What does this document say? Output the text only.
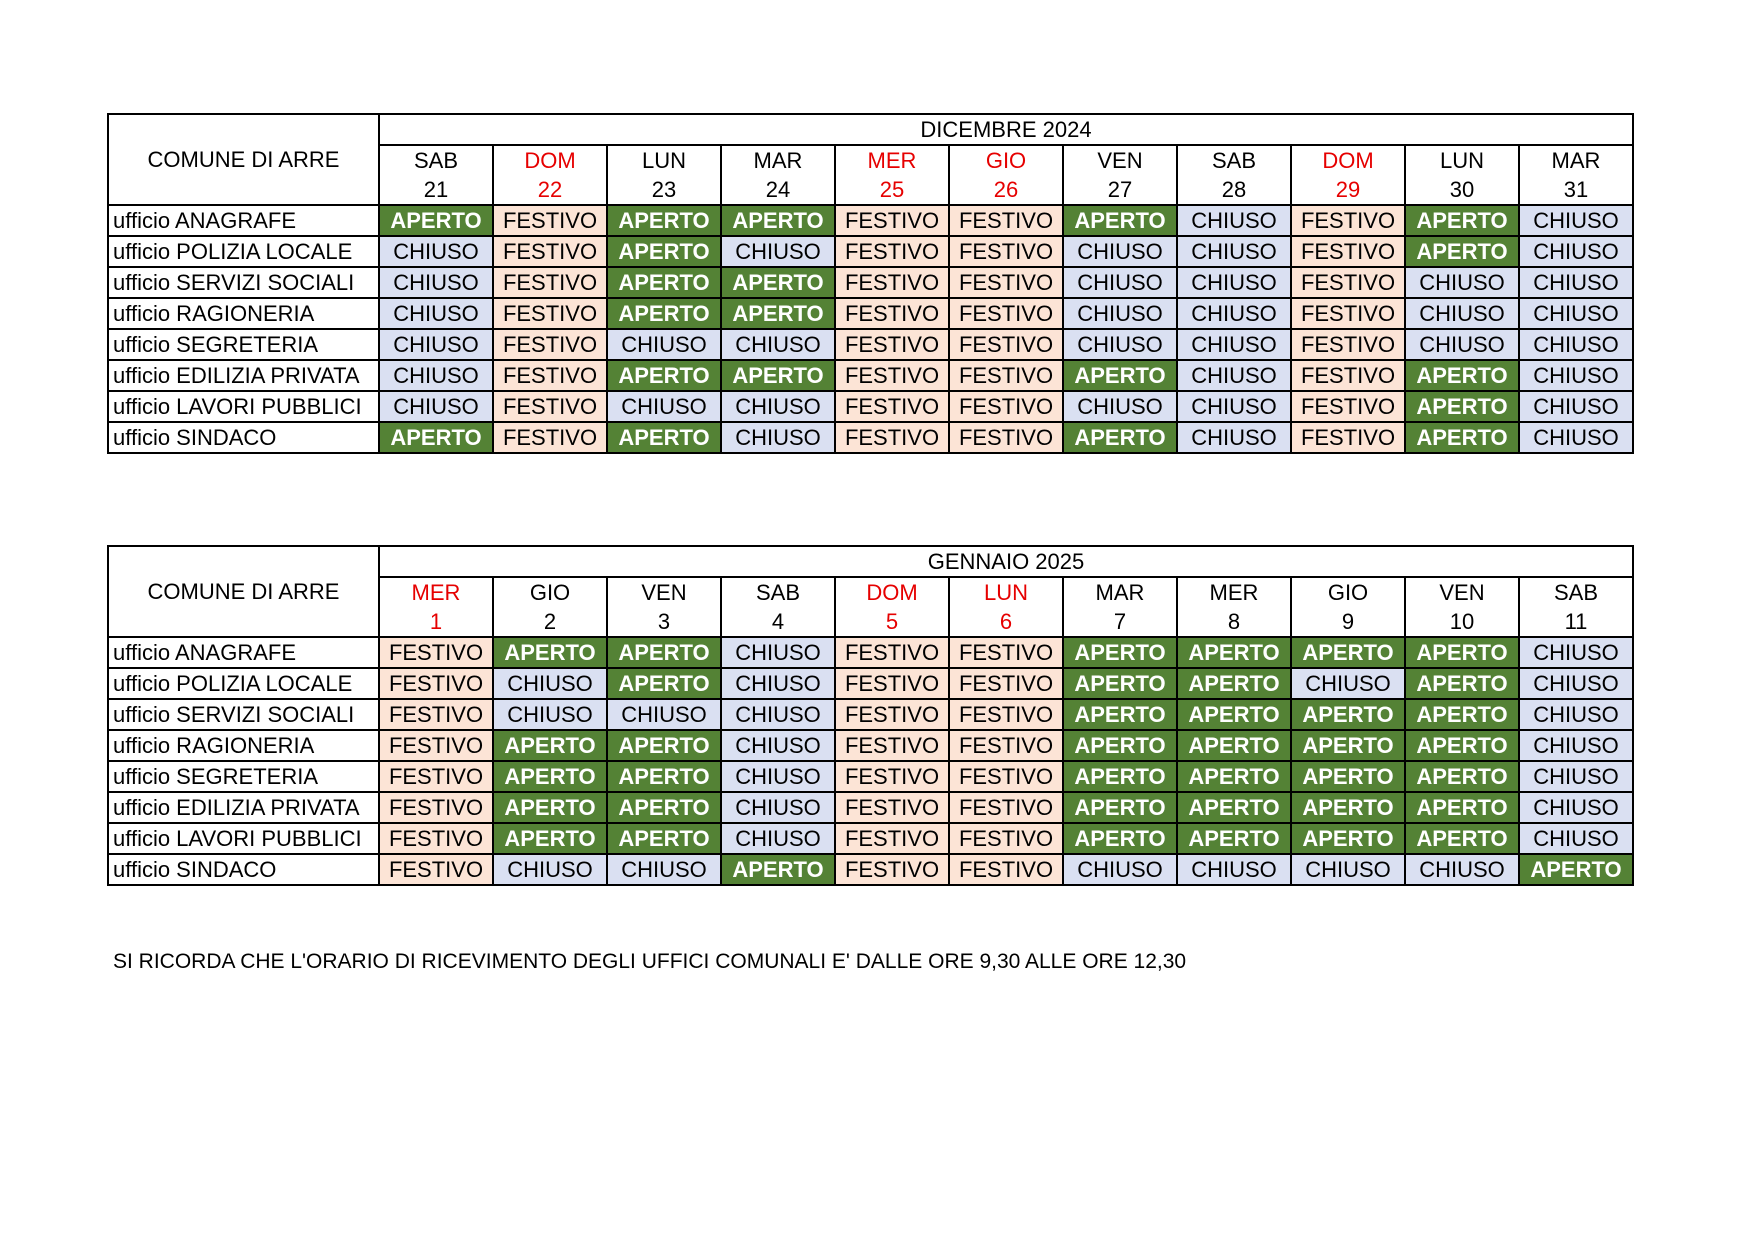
COMUNE DI ARRE	DICEMBRE 2024										
	SAB	DOM	LUN	MAR	MER	GIO	VEN	SAB	DOM	LUN	MAR
	21	22	23	24	25	26	27	28	29	30	31
ufficio ANAGRAFE	APERTO	FESTIVO	APERTO	APERTO	FESTIVO	FESTIVO	APERTO	CHIUSO	FESTIVO	APERTO	CHIUSO
ufficio POLIZIA LOCALE	CHIUSO	FESTIVO	APERTO	CHIUSO	FESTIVO	FESTIVO	CHIUSO	CHIUSO	FESTIVO	APERTO	CHIUSO
ufficio SERVIZI SOCIALI	CHIUSO	FESTIVO	APERTO	APERTO	FESTIVO	FESTIVO	CHIUSO	CHIUSO	FESTIVO	CHIUSO	CHIUSO
ufficio RAGIONERIA	CHIUSO	FESTIVO	APERTO	APERTO	FESTIVO	FESTIVO	CHIUSO	CHIUSO	FESTIVO	CHIUSO	CHIUSO
ufficio SEGRETERIA	CHIUSO	FESTIVO	CHIUSO	CHIUSO	FESTIVO	FESTIVO	CHIUSO	CHIUSO	FESTIVO	CHIUSO	CHIUSO
ufficio EDILIZIA PRIVATA	CHIUSO	FESTIVO	APERTO	APERTO	FESTIVO	FESTIVO	APERTO	CHIUSO	FESTIVO	APERTO	CHIUSO
ufficio LAVORI PUBBLICI	CHIUSO	FESTIVO	CHIUSO	CHIUSO	FESTIVO	FESTIVO	CHIUSO	CHIUSO	FESTIVO	APERTO	CHIUSO
ufficio SINDACO	APERTO	FESTIVO	APERTO	CHIUSO	FESTIVO	FESTIVO	APERTO	CHIUSO	FESTIVO	APERTO	CHIUSO
COMUNE DI ARRE	GENNAIO 2025										
	MER	GIO	VEN	SAB	DOM	LUN	MAR	MER	GIO	VEN	SAB
	1	2	3	4	5	6	7	8	9	10	11
ufficio ANAGRAFE	FESTIVO	APERTO	APERTO	CHIUSO	FESTIVO	FESTIVO	APERTO	APERTO	APERTO	APERTO	CHIUSO
ufficio POLIZIA LOCALE	FESTIVO	CHIUSO	APERTO	CHIUSO	FESTIVO	FESTIVO	APERTO	APERTO	CHIUSO	APERTO	CHIUSO
ufficio SERVIZI SOCIALI	FESTIVO	CHIUSO	CHIUSO	CHIUSO	FESTIVO	FESTIVO	APERTO	APERTO	APERTO	APERTO	CHIUSO
ufficio RAGIONERIA	FESTIVO	APERTO	APERTO	CHIUSO	FESTIVO	FESTIVO	APERTO	APERTO	APERTO	APERTO	CHIUSO
ufficio SEGRETERIA	FESTIVO	APERTO	APERTO	CHIUSO	FESTIVO	FESTIVO	APERTO	APERTO	APERTO	APERTO	CHIUSO
ufficio EDILIZIA PRIVATA	FESTIVO	APERTO	APERTO	CHIUSO	FESTIVO	FESTIVO	APERTO	APERTO	APERTO	APERTO	CHIUSO
ufficio LAVORI PUBBLICI	FESTIVO	APERTO	APERTO	CHIUSO	FESTIVO	FESTIVO	APERTO	APERTO	APERTO	APERTO	CHIUSO
ufficio SINDACO	FESTIVO	CHIUSO	CHIUSO	APERTO	FESTIVO	FESTIVO	CHIUSO	CHIUSO	CHIUSO	CHIUSO	APERTO
SI RICORDA CHE L'ORARIO DI RICEVIMENTO DEGLI UFFICI COMUNALI E' DALLE ORE 9,30 ALLE ORE 12,30
